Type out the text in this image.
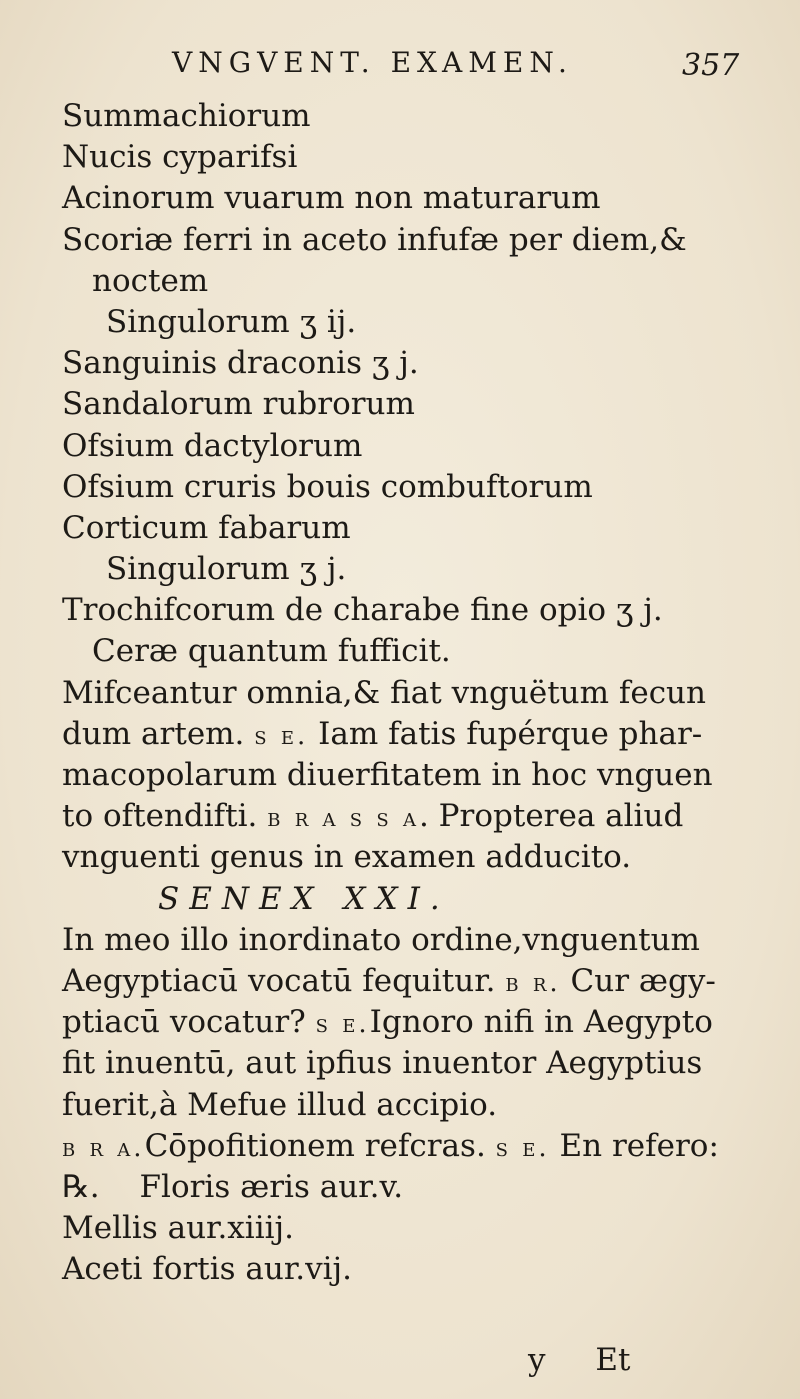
VNGVENT. EXAMEN.	357
Summachiorum
Nucis cyparifsi
Acinorum vuarum non maturarum
Scoriæ ferri in aceto infufæ per diem,&
noctem
Singulorum ʒ ij.
Sanguinis draconis ʒ j.
Sandalorum rubrorum
Ofsium dactylorum
Ofsium cruris bouis combuftorum
Corticum fabarum
Singulorum ʒ j.
Trochifcorum de charabe fine opio ʒ j.
Ceræ quantum fufficit.
Mifceantur omnia,& fiat vnguëtum fecun
dum artem. s e. Iam fatis fupérque phar-
macopolarum diuerfitatem in hoc vnguen
to oftendifti. b r a s s a. Propterea aliud
vnguenti genus in examen adducito.
SENEX XXI.
In meo illo inordinato ordine,vnguentum
Aegyptiacū vocatū fequitur. b r. Cur ægy-
ptiacū vocatur? s e.Ignoro nifi in Aegypto
fit inuentū, aut ipfius inuentor Aegyptius
fuerit,à Mefue illud accipio.
b r a.Cōpofitionem refcras. s e. En refero:
℞. Floris æris aur.v.
Mellis aur.xiiij.
Aceti fortis aur.vij.
y Et
